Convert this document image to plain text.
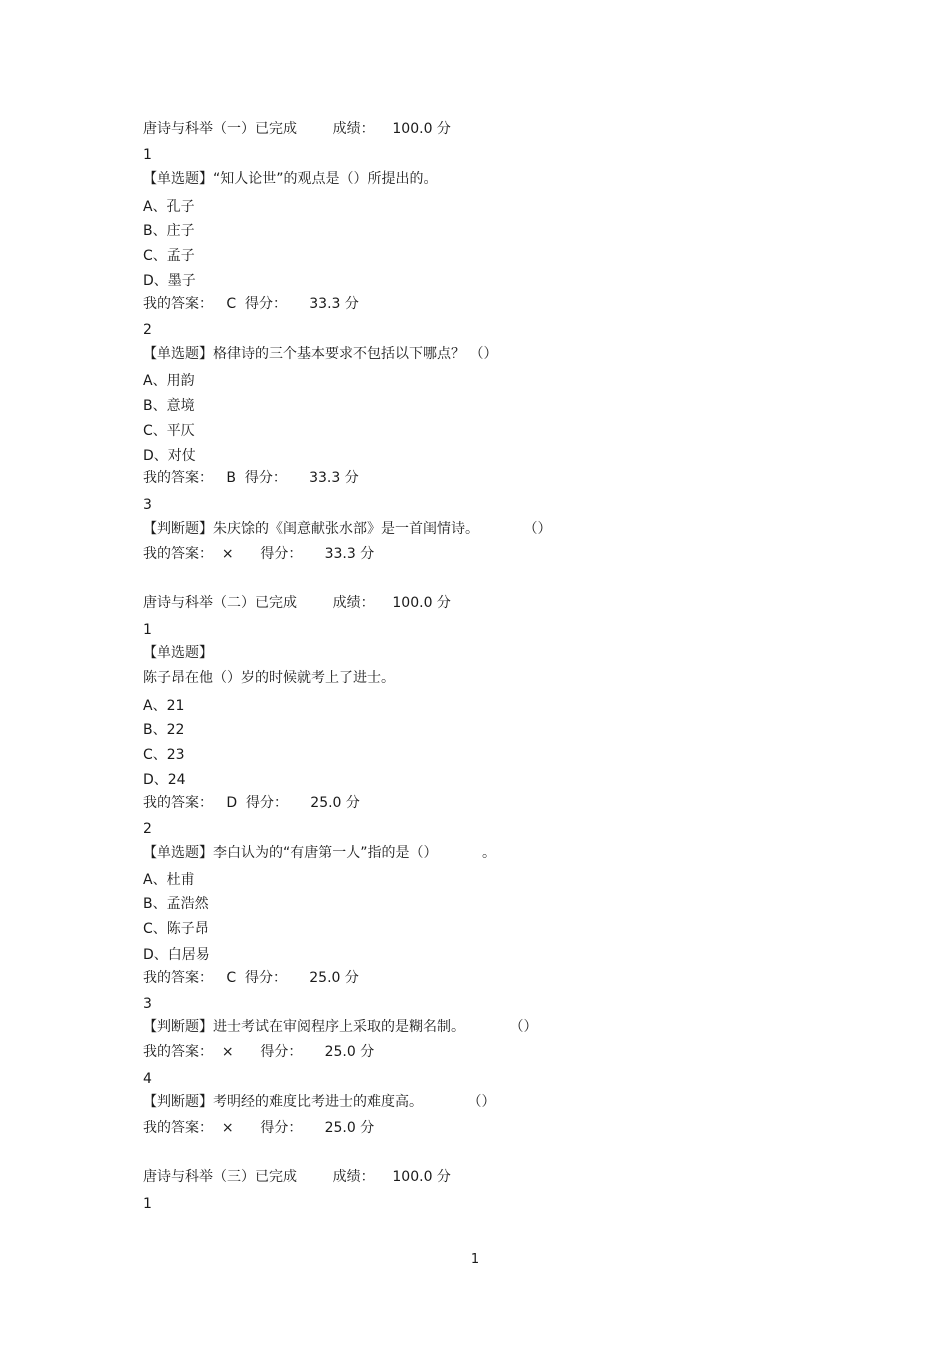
唐诗与科举（一）已完成        成绩：    100.0 分
1
【单选题】“知人论世”的观点是（）所提出的。
A、孔子
B、庄子
C、孟子
D、墨子
我的答案：   C  得分：     33.3 分
2
【单选题】格律诗的三个基本要求不包括以下哪点？ （）
A、用韵
B、意境
C、平仄
D、对仗
我的答案：   B  得分：     33.3 分
3
【判断题】朱庆馀的《闺意献张水部》是一首闺情诗。          （）
我的答案：  ×      得分：     33.3 分
唐诗与科举（二）已完成        成绩：    100.0 分
1
【单选题】
陈子昂在他（）岁的时候就考上了进士。
A、21
B、22
C、23
D、24
我的答案：   D  得分：     25.0 分
2
【单选题】李白认为的“有唐第一人”指的是（）          。
A、杜甫
B、孟浩然
C、陈子昂
D、白居易
我的答案：   C  得分：     25.0 分
3
【判断题】进士考试在审阅程序上采取的是糊名制。          （）
我的答案：  ×      得分：     25.0 分
4
【判断题】考明经的难度比考进士的难度高。          （）
我的答案：  ×      得分：     25.0 分
唐诗与科举（三）已完成        成绩：    100.0 分
1
1
